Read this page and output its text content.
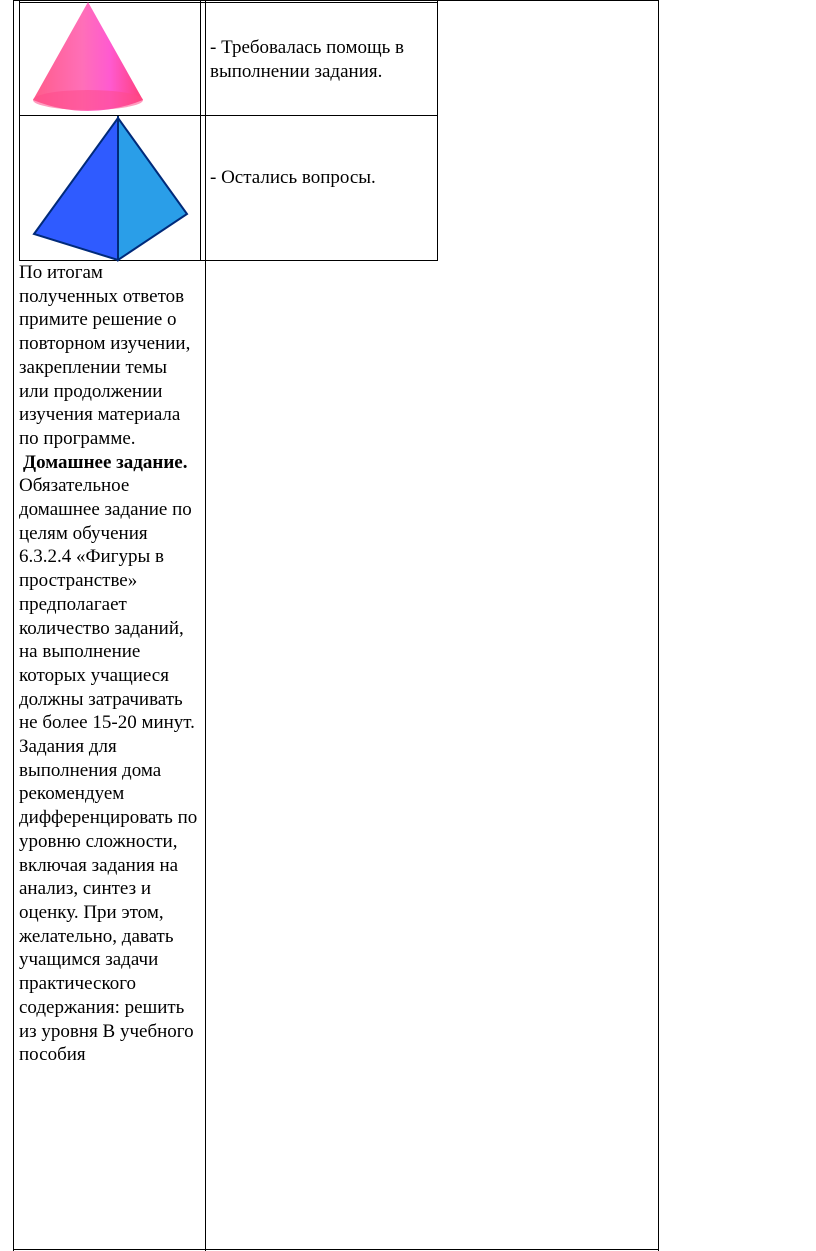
- Требовалась помощь в выполнении задания.
- Остались вопросы.

По итогам полученных ответов примите решение о повторном изучении, закреплении темы или продолжении изучения материала по программе.

Домашнее задание.

Обязательное домашнее задание по целям обучения 6.3.2.4 «Фигуры в пространстве» предполагает количество заданий, на выполнение которых учащиеся должны затрачивать не более 15-20 минут. Задания для выполнения дома рекомендуем дифференцировать по уровню сложности, включая задания на анализ, синтез и оценку. При этом, желательно, давать учащимся задачи практического содержания: решить из уровня В учебного пособия
